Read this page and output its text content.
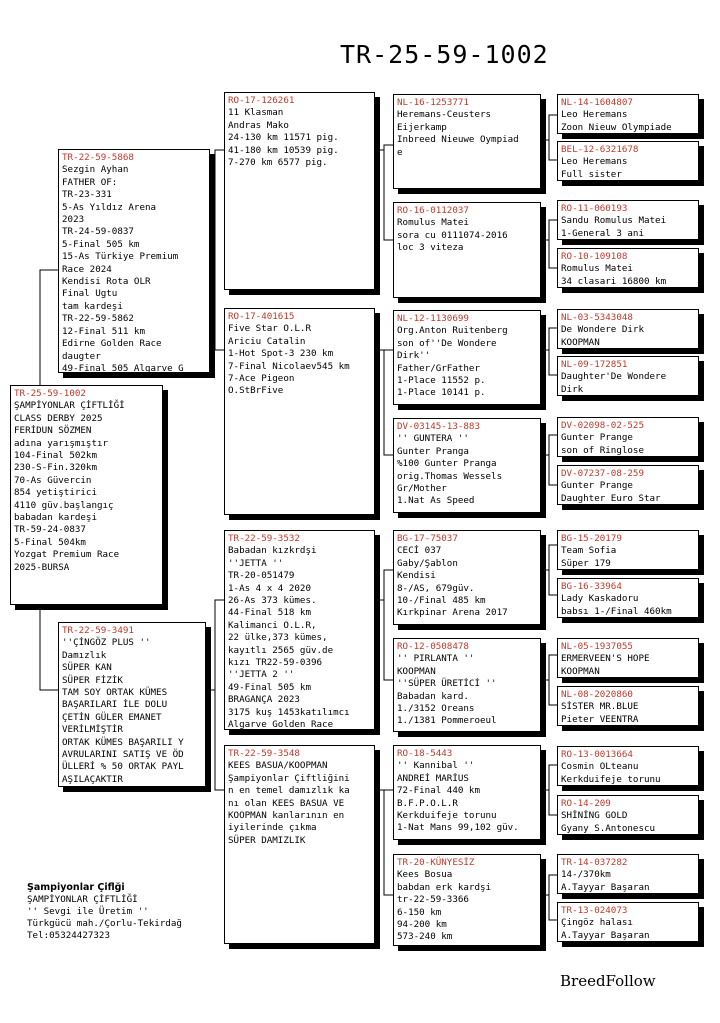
TR-25-59-1002
TR-25-59-1002
ŞAMPİYONLAR ÇİFTLİĞİ
CLASS DERBY 2025
FERİDUN SÖZMEN
adına yarışmıştır
104-Final 502km
230-S-Fin.320km
70-As Güvercin
854 yetiştirici
4110 güv.başlangıç
babadan kardeşi
TR-59-24-0837
5-Final 504km
Yozgat Premium Race
2025-BURSA
TR-22-59-5868
Sezgin Ayhan
FATHER OF:
TR-23-331
5-As Yıldız Arena
2023
TR-24-59-0837
5-Final 505 km
15-As Türkiye Premium
Race 2024
Kendisi Rota OLR
Final Ugtu
tam kardeşi
TR-22-59-5862
12-Final 511 km
Edirne Golden Race
daugter
49-Final 505 Algarve G
TR-22-59-3491
''ÇİNGÖZ PLUS ''
Damızlık
SÜPER KAN
SÜPER FİZİK
TAM SOY ORTAK KÜMES
BAŞARILARI İLE DOLU
ÇETİN GÜLER EMANET
VERİLMİŞTİR
ORTAK KÜMES BAŞARILI Y
AVRULARINI SATIŞ VE ÖD
ÜLLERİ % 50 ORTAK PAYL
AŞILAÇAKTIR
RO-17-126261
11 Klasman
Andras Mako
24-130 km 11571 pig.
41-180 km 10539 pig.
7-270 km 6577 pig.
RO-17-401615
Five Star O.L.R
Ariciu Catalin
1-Hot Spot-3 230 km
7-Final Nicolaev545 km
7-Ace Pigeon
O.StBrFive
TR-22-59-3532
Babadan kızkrdşi
''JETTA ''
TR-20-051479
1-As 4 x 4 2020
26-As 373 kümes.
44-Final 518 km
Kalimanci O.L.R,
22 ülke,373 kümes,
kayıtlı 2565 güv.de
kızı TR22-59-0396
''JETTA 2 ''
49-Final 505 km
BRAGANÇA 2023
3175 kuş 1453katılımcı
Algarve Golden Race
TR-22-59-3548
KEES BASUA/KOOPMAN
Şampiyonlar Çiftliğini
n en temel damızlık ka
nı olan KEES BASUA VE
KOOPMAN kanlarının en
iyilerinde çıkma
SÜPER DAMIZLIK
NL-16-1253771
Heremans-Ceusters
Eijerkamp
Inbreed Nieuwe Oympiad
e
RO-16-0112037
Romulus Matei
sora cu 0111074-2016
loc 3 viteza
NL-12-1130699
Org.Anton Ruitenberg
son of''De Wondere
Dirk''
Father/GrFather
1-Place 11552 p.
1-Place 10141 p.
DV-03145-13-883
'' GUNTERA ''
Gunter Pranga
%100 Gunter Pranga
orig.Thomas Wessels
Gr/Mother
1.Nat As Speed
BG-17-75037
CECİ 037
Gaby/Şablon
Kendisi
8-/AS, 679güv.
10-/Final 485 km
Kırkpinar Arena 2017
RO-12-0508478
'' PIRLANTA ''
KOOPMAN
''SÜPER ÜRETİCİ ''
Babadan kard.
1./3152 Oreans
1./1381 Pommeroeul
RO-18-5443
'' Kannibal ''
ANDREİ MARİUS
72-Final 440 km
B.F.P.O.L.R
Kerkduifeje torunu
1-Nat Mans 99,102 güv.
TR-20-KÜNYESİZ
Kees Bosua
babdan erk kardşi
tr-22-59-3366
6-150 km
94-200 km
573-240 km
NL-14-1604807
Leo Heremans
Zoon Nieuw Olympiade
BEL-12-6321678
Leo Heremans
Full sister
RO-11-060193
Sandu Romulus Matei
1-General 3 ani
RO-10-109108
Romulus Matei
34 clasari 16800 km
NL-03-5343048
De Wondere Dirk
KOOPMAN
NL-09-172851
Daughter'De Wondere
Dirk
DV-02098-02-525
Gunter Prange
son of Ringlose
DV-07237-08-259
Gunter Prange
Daughter Euro Star
BG-15-20179
Team Sofia
Süper 179
BG-16-33964
Lady Kaskadoru
babsı 1-/Final 460km
NL-05-1937055
ERMERVEEN'S HOPE
KOOPMAN
NL-08-2020860
SİSTER MR.BLUE
Pieter VEENTRA
RO-13-0013664
Cosmin OLteanu
Kerkduifeje torunu
RO-14-209
SHİNİNG GOLD
Gyany S.Antonescu
TR-14-037282
14-/370km
A.Tayyar Başaran
TR-13-024073
Çingöz halası
A.Tayyar Başaran
Şampiyonlar Çiflği
ŞAMPİYONLAR ÇİFTLİĞİ
'' Sevgi ile Üretim ''
Türkgücü mah./Çorlu-Tekirdağ
Tel:05324427323
BreedFollow
